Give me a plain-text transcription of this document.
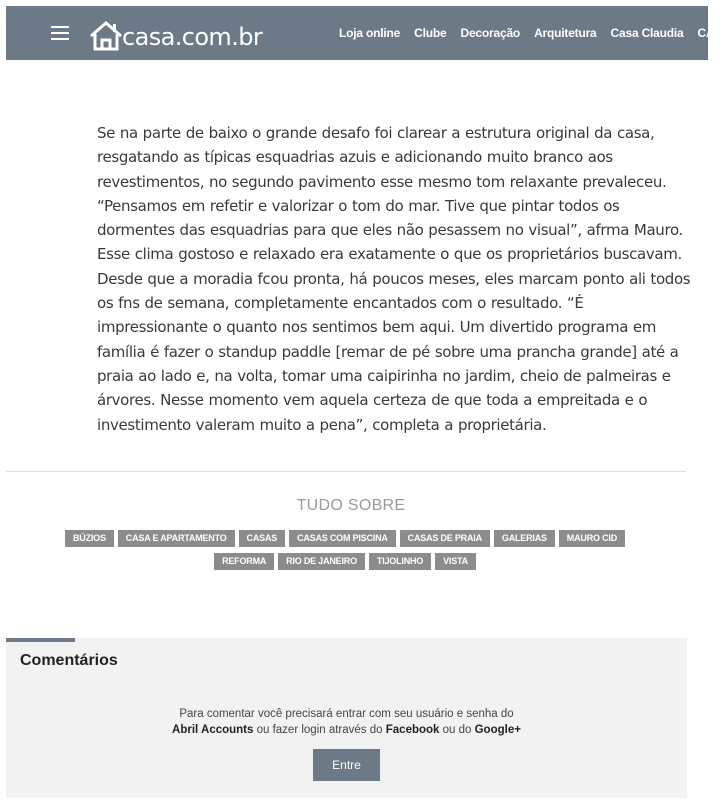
casa.com.br	Loja online Clube Decoração Arquitetura Casa Claudia CA

Se na parte de baixo o grande desafo foi clarear a estrutura original da casa, resgatando as típicas esquadrias azuis e adicionando muito branco aos revestimentos, no segundo pavimento esse mesmo tom relaxante prevaleceu. “Pensamos em refetir e valorizar o tom do mar. Tive que pintar todos os dormentes das esquadrias para que eles não pesassem no visual”, afrma Mauro. Esse clima gostoso e relaxado era exatamente o que os proprietários buscavam. Desde que a moradia fcou pronta, há poucos meses, eles marcam ponto ali todos os fns de semana, completamente encantados com o resultado. “É impressionante o quanto nos sentimos bem aqui. Um divertido programa em família é fazer o standup paddle [remar de pé sobre uma prancha grande] até a praia ao lado e, na volta, tomar uma caipirinha no jardim, cheio de palmeiras e árvores. Nesse momento vem aquela certeza de que toda a empreitada e o investimento valeram muito a pena”, completa a proprietária.

TUDO SOBRE
BÚZIOS CASA E APARTAMENTO CASAS CASAS COM PISCINA CASAS DE PRAIA GALERIAS MAURO CID
REFORMA RIO DE JANEIRO TIJOLINHO VISTA
Comentários
Para comentar você precisará entrar com seu usuário e senha do
Abril Accounts ou fazer login através do Facebook ou do Google+
Entre
